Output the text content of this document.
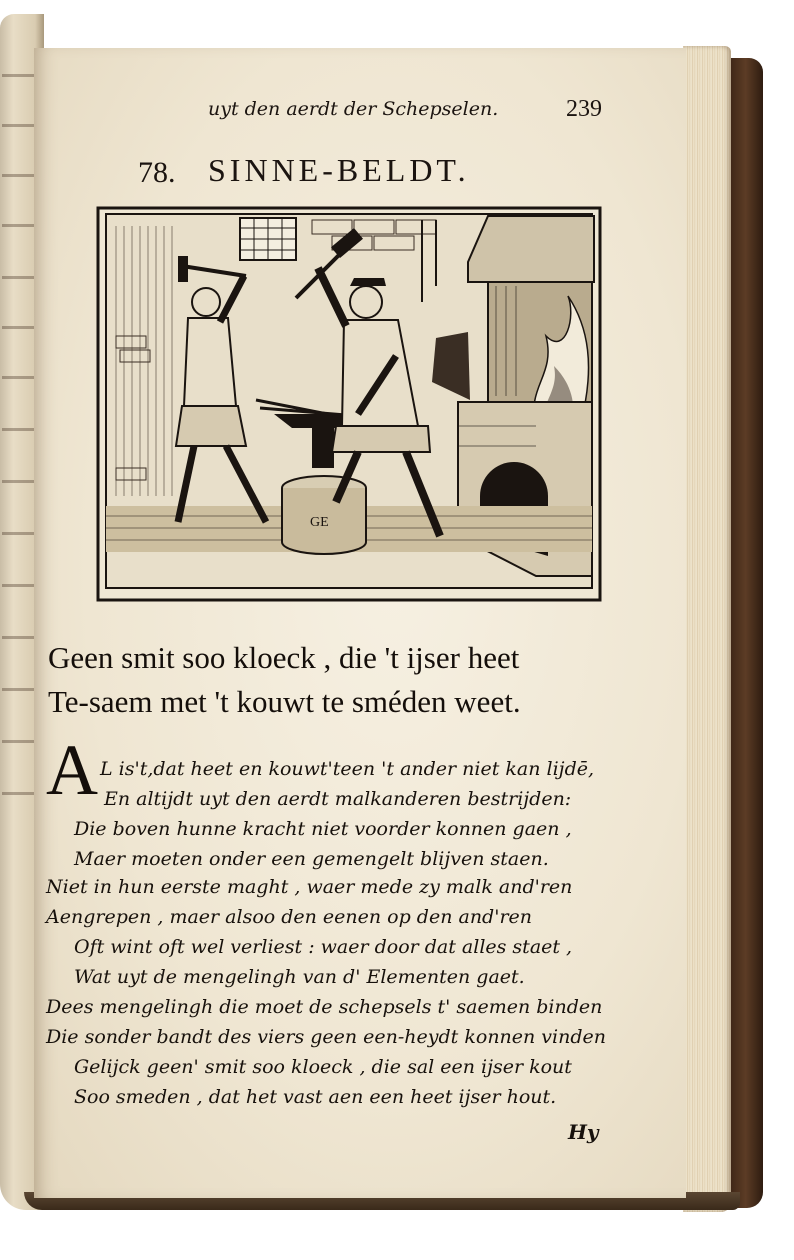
uyt den aerdt der Schepselen.	239
78. SINNE-BELDT.
GE
Geen smit soo kloeck , die 't ijser heet
Te-saem met 't kouwt te sméden weet.
A L is't,dat heet en kouwt'teen 't ander niet kan lijdē,
En altijdt uyt den aerdt malkanderen bestrijden:
Die boven hunne kracht niet voorder konnen gaen ,
Maer moeten onder een gemengelt blijven staen.
Niet in hun eerste maght , waer mede zy malk and'ren
Aengrepen , maer alsoo den eenen op den and'ren
Oft wint oft wel verliest : waer door dat alles staet ,
Wat uyt de mengelingh van d' Elementen gaet.
Dees mengelingh die moet de schepsels t' saemen binden
Die sonder bandt des viers geen een-heydt konnen vinden
Gelijck geen' smit soo kloeck , die sal een ijser kout
Soo smeden , dat het vast aen een heet ijser hout.
Hy
